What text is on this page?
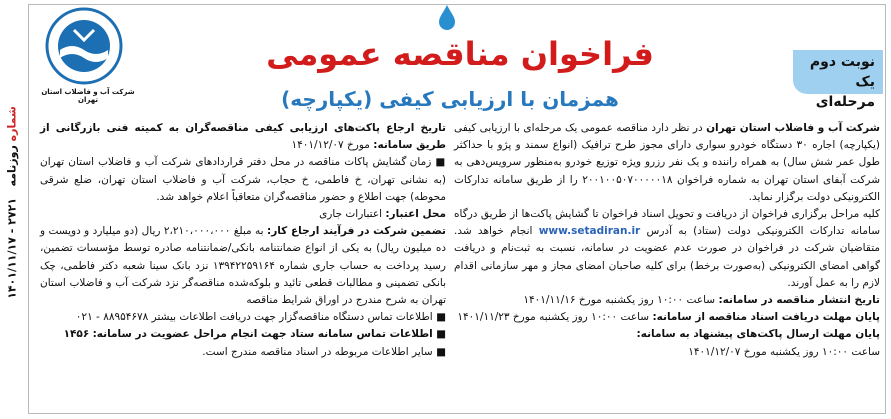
۱۴۰۱/۱۱/۱۷ - ۲۷۲۱   شماره روزنامه
نوبت دوم
یک مرحله‌ای
شرکت آب و فاضلاب استان تهران
فراخوان مناقصه عمومی
همزمان با ارزیابی کیفی (یکپارچه)

شرکت آب و فاضلاب استان تهران در نظر دارد مناقصه عمومی یک مرحله‌ای با ارزیابی کیفی (یکپارچه) اجاره ۳۰ دستگاه خودرو سواری دارای مجوز طرح ترافیک (انواع سمند و پژو با حداکثر طول عمر شش سال) به همراه راننده و یک نفر رزرو ویژه توزیع خودرو به‌منظور سرویس‌دهی به شرکت آبفای استان تهران به شماره فراخوان ۲۰۰۱۰۰۵۰۷۰۰۰۰۰۱۸ را از طریق سامانه تدارکات الکترونیکی دولت برگزار نماید.

کلیه مراحل برگزاری فراخوان از دریافت و تحویل اسناد فراخوان تا گشایش پاکت‌ها از طریق درگاه سامانه تدارکات الکترونیکی دولت (ستاد) به آدرس www.setadiran.ir انجام خواهد شد. متقاضیان شرکت در فراخوان در صورت عدم عضویت در سامانه، نسبت به ثبت‌نام و دریافت گواهی امضای الکترونیکی (به‌صورت برخط) برای کلیه صاحبان امضای مجاز و مهر سازمانی اقدام لازم را به عمل آورند.

تاریخ انتشار مناقصه در سامانه: ساعت ۱۰:۰۰ روز یکشنبه مورخ ۱۴۰۱/۱۱/۱۶

پایان مهلت دریافت اسناد مناقصه از سامانه: ساعت ۱۰:۰۰ روز یکشنبه مورخ ۱۴۰۱/۱۱/۲۳

پایان مهلت ارسال پاکت‌های پیشنهاد به سامانه:
ساعت ۱۰:۰۰ روز یکشنبه مورخ ۱۴۰۱/۱۲/۰۷

تاریخ ارجاع پاکت‌های ارزیابی کیفی مناقصه‌گران به کمیته فنی بازرگانی از طریق سامانه: مورخ ۱۴۰۱/۱۲/۰۷

■ زمان گشایش پاکات مناقصه در محل دفتر قراردادهای شرکت آب و فاضلاب استان تهران (به نشانی تهران، خ فاطمی، خ حجاب، شرکت آب و فاضلاب استان تهران، ضلع شرقی محوطه) جهت اطلاع و حضور مناقصه‌گران متعاقباً اعلام خواهد شد.

محل اعتبار: اعتبارات جاری

تضمین شرکت در فرآیند ارجاع کار: به مبلغ ۲،۲۱۰،۰۰۰،۰۰۰ ریال (دو میلیارد و دویست و ده میلیون ریال) به یکی از انواع ضمانتنامه بانکی/ضمانتنامه صادره توسط مؤسسات تضمین، رسید پرداخت به حساب جاری شماره ۱۳۹۴۲۲۵۹۱۶۴ نزد بانک سینا شعبه دکتر فاطمی، چک بانکی تضمینی و مطالبات قطعی تائید و بلوکه‌شده مناقصه‌گر نزد شرکت آب و فاضلاب استان تهران به شرح مندرج در اوراق شرایط مناقصه

■ اطلاعات تماس دستگاه مناقصه‌گزار جهت دریافت اطلاعات بیشتر ۸۸۹۵۴۶۷۸ - ۰۲۱

■ اطلاعات تماس سامانه ستاد جهت انجام مراحل عضویت در سامانه: ۱۴۵۶

■ سایر اطلاعات مربوطه در اسناد مناقصه مندرج است.
